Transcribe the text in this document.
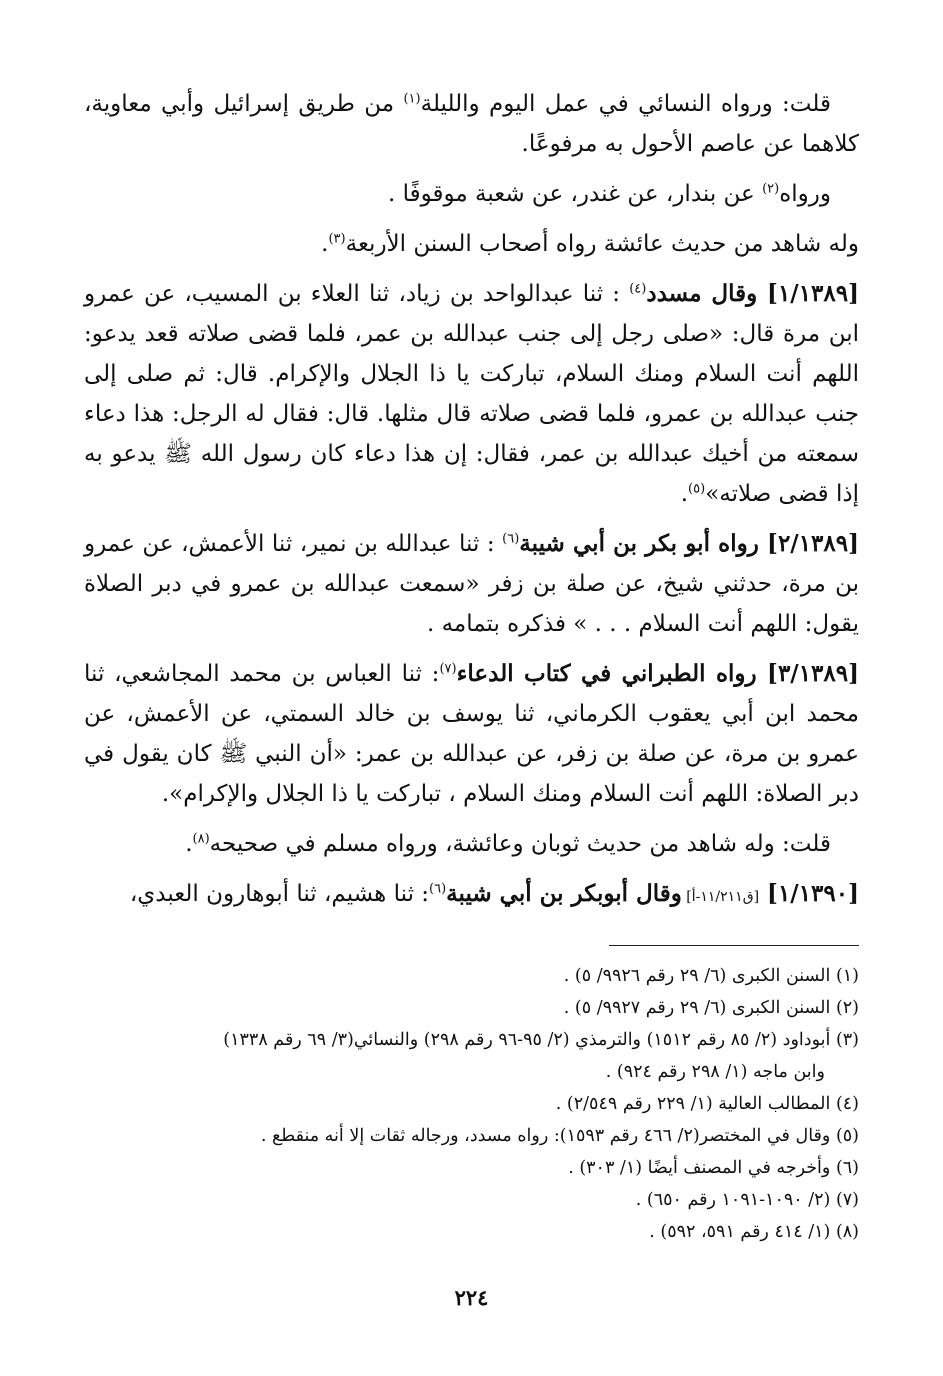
قلت: ورواه النسائي في عمل اليوم والليلة$^{(١)}$ من طريق إسرائيل وأبي معاوية، كلاهما عن عاصم الأحول به مرفوعًا.

ورواه$^{(٢)}$ عن بندار، عن غندر، عن شعبة موقوفًا .

وله شاهد من حديث عائشة رواه أصحاب السنن الأربعة$^{(٣)}$.

[١/١٣٨٩] وقال مسدد$^{(٤)}$ : ثنا عبدالواحد بن زياد، ثنا العلاء بن المسيب، عن عمرو ابن مرة قال: «صلى رجل إلى جنب عبدالله بن عمر، فلما قضى صلاته قعد يدعو: اللهم أنت السلام ومنك السلام، تباركت يا ذا الجلال والإكرام. قال: ثم صلى إلى جنب عبدالله بن عمرو، فلما قضى صلاته قال مثلها. قال: فقال له الرجل: هذا دعاء سمعته من أخيك عبدالله بن عمر، فقال: إن هذا دعاء كان رسول الله ﷺ يدعو به إذا قضى صلاته»$^{(٥)}$.

[٢/١٣٨٩] رواه أبو بكر بن أبي شيبة$^{(٦)}$ : ثنا عبدالله بن نمير، ثنا الأعمش، عن عمرو بن مرة، حدثني شيخ، عن صلة بن زفر «سمعت عبدالله بن عمرو في دبر الصلاة يقول: اللهم أنت السلام . . . » فذكره بتمامه .

[٣/١٣٨٩] رواه الطبراني في كتاب الدعاء$^{(٧)}$: ثنا العباس بن محمد المجاشعي، ثنا محمد ابن أبي يعقوب الكرماني، ثنا يوسف بن خالد السمتي، عن الأعمش، عن عمرو بن مرة، عن صلة بن زفر، عن عبدالله بن عمر: «أن النبي ﷺ كان يقول في دبر الصلاة: اللهم أنت السلام ومنك السلام ، تباركت يا ذا الجلال والإكرام».

قلت: وله شاهد من حديث ثوبان وعائشة، ورواه مسلم في صحيحه$^{(٨)}$.

[١/١٣٩٠] [ق١١/٢١١-أ] وقال أبوبكر بن أبي شيبة$^{(٦)}$: ثنا هشيم، ثنا أبوهارون العبدي،

(١) السنن الكبرى (٦/ ٢٩ رقم ٩٩٢٦/ ٥) .
(٢) السنن الكبرى (٦/ ٢٩ رقم ٩٩٢٧/ ٥) .
(٣) أبوداود (٢/ ٨٥ رقم ١٥١٢) والترمذي (٢/ ٩٥-٩٦ رقم ٢٩٨) والنسائي(٣/ ٦٩ رقم ١٣٣٨)
وابن ماجه (١/ ٢٩٨ رقم ٩٢٤) .
(٤) المطالب العالية (١/ ٢٢٩ رقم ٢/٥٤٩) .
(٥) وقال في المختصر(٢/ ٤٦٦ رقم ١٥٩٣): رواه مسدد، ورجاله ثقات إلا أنه منقطع .
(٦) وأخرجه في المصنف أيضًا (١/ ٣٠٣) .
(٧) (٢/ ١٠٩٠-١٠٩١ رقم ٦٥٠) .
(٨) (١/ ٤١٤ رقم ٥٩١، ٥٩٢) .
٢٢٤
